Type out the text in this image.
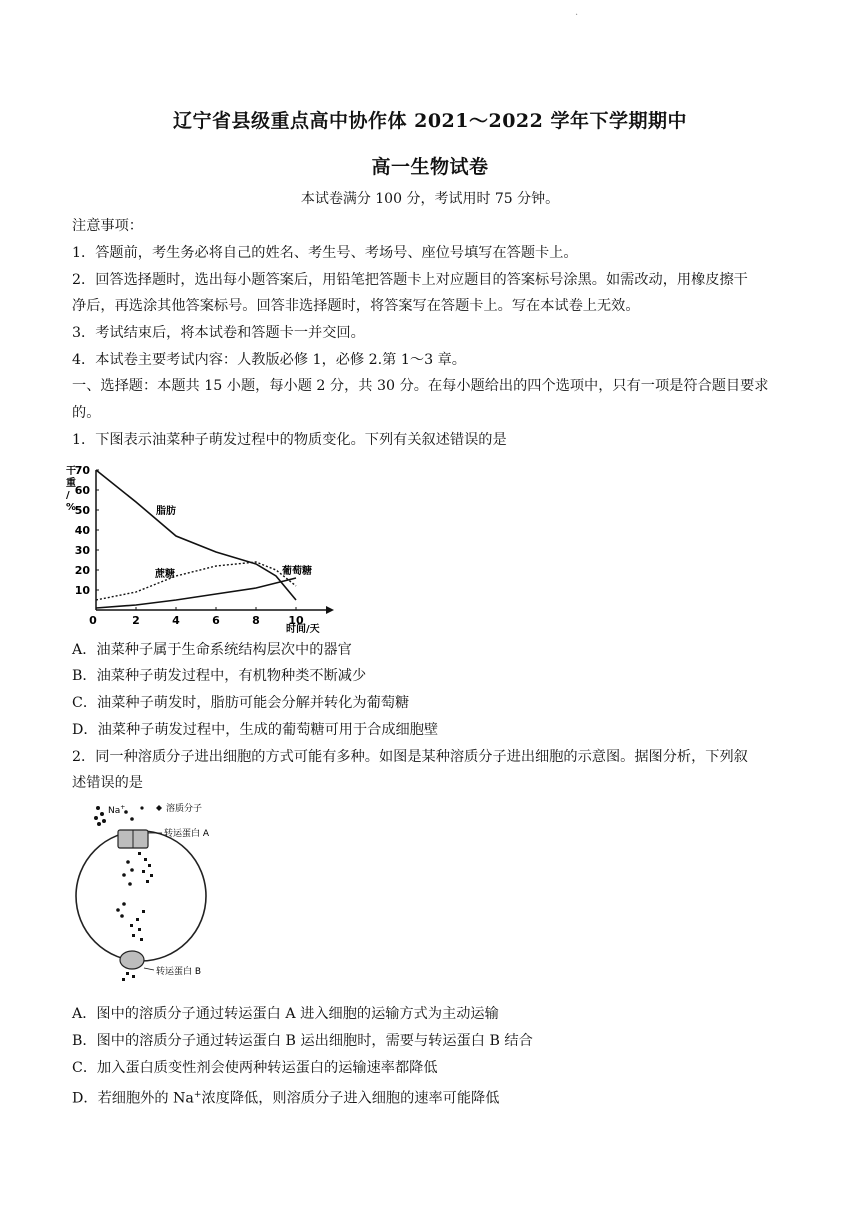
·
辽宁省县级重点高中协作体 2021～2022 学年下学期期中
高一生物试卷
本试卷满分 100 分，考试用时 75 分钟。
注意事项：
1．答题前，考生务必将自己的姓名、考生号、考场号、座位号填写在答题卡上。
2．回答选择题时，选出每小题答案后，用铅笔把答题卡上对应题目的答案标号涂黑。如需改动，用橡皮擦干
净后，再选涂其他答案标号。回答非选择题时，将答案写在答题卡上。写在本试卷上无效。
3．考试结束后，将本试卷和答题卡一并交回。
4．本试卷主要考试内容：人教版必修 1，必修 2.第 1～3 章。
一、选择题：本题共 15 小题，每小题 2 分，共 30 分。在每小题给出的四个选项中，只有一项是符合题目要求
的。
1．下图表示油菜种子萌发过程中的物质变化。下列有关叙述错误的是
干
重
/
%
10
20
30
40
50
60
70
0	2	4	6	8	10
时间/天
脂肪
蔗糖	葡萄糖
A．油菜种子属于生命系统结构层次中的器官
B．油菜种子萌发过程中，有机物种类不断减少
C．油菜种子萌发时，脂肪可能会分解并转化为葡萄糖
D．油菜种子萌发过程中，生成的葡萄糖可用于合成细胞壁
2．同一种溶质分子进出细胞的方式可能有多种。如图是某种溶质分子进出细胞的示意图。据图分析，下列叙
述错误的是
Na+	溶质分子
转运蛋白 A
转运蛋白 B
A．图中的溶质分子通过转运蛋白 A 进入细胞的运输方式为主动运输
B．图中的溶质分子通过转运蛋白 B 运出细胞时，需要与转运蛋白 B 结合
C．加入蛋白质变性剂会使两种转运蛋白的运输速率都降低
D．若细胞外的 Na+浓度降低，则溶质分子进入细胞的速率可能降低
